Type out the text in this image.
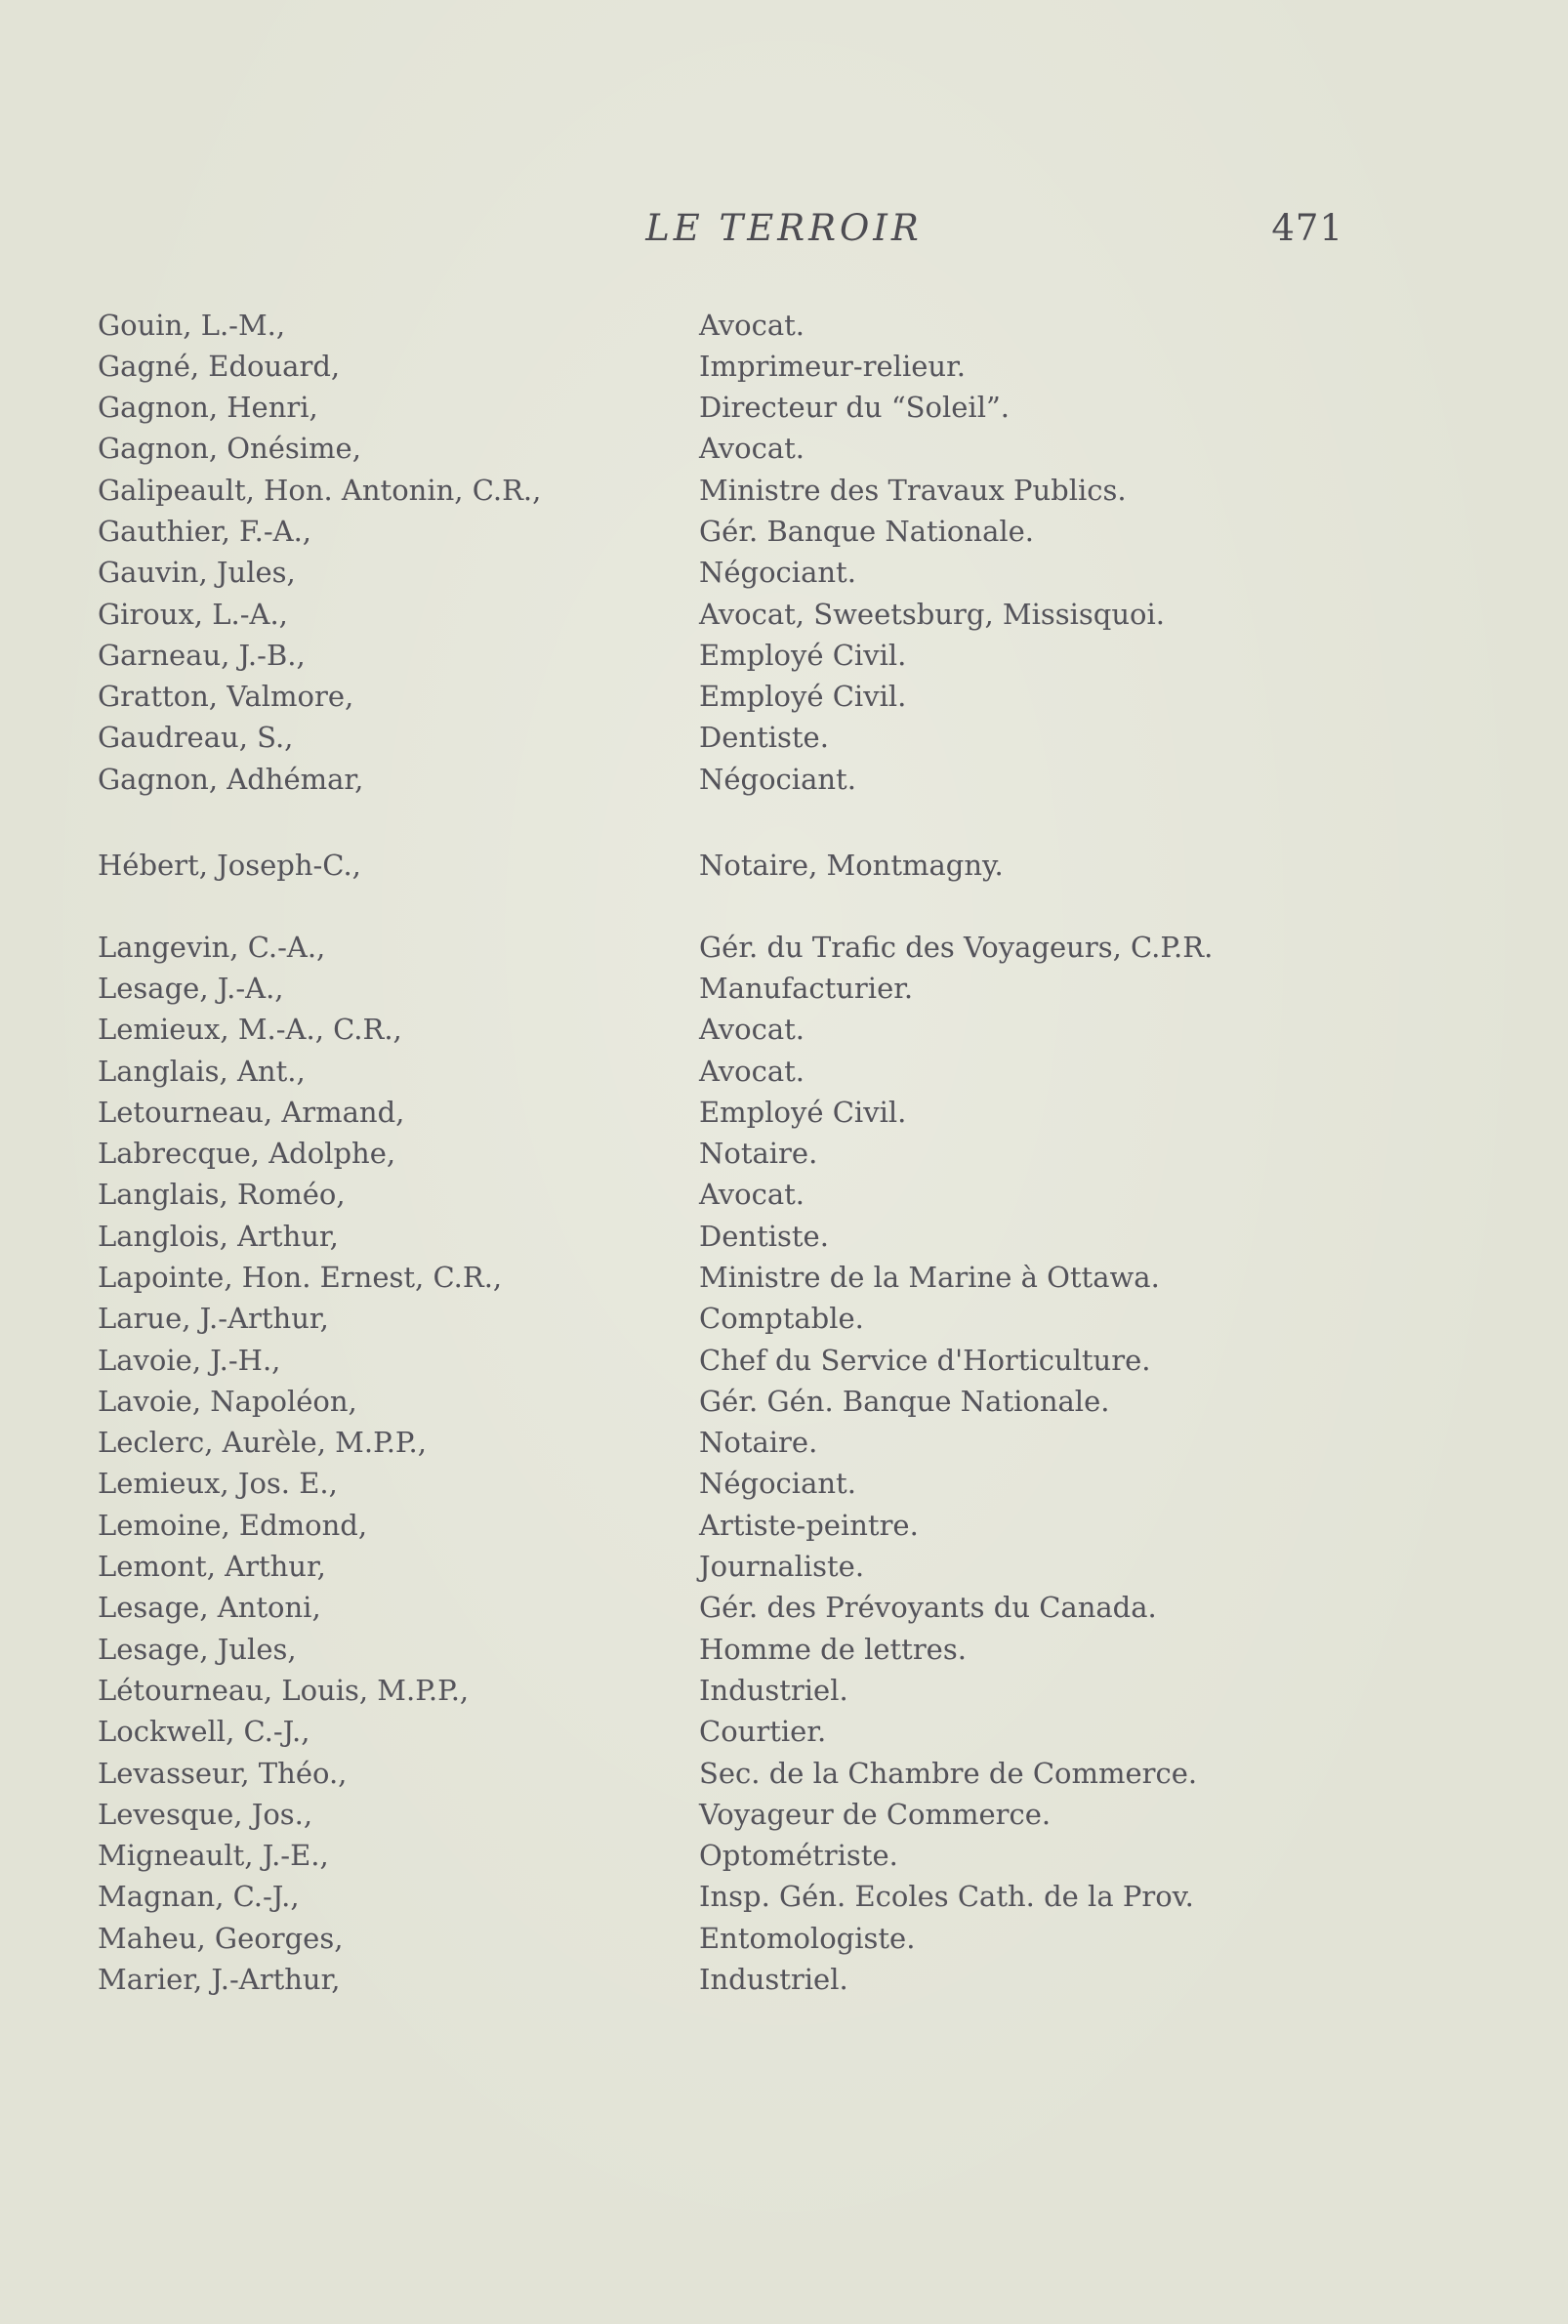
LE TERROIR	471
Gouin, L.-M.,	Avocat.
Gagné, Edouard,	Imprimeur-relieur.
Gagnon, Henri,	Directeur du “Soleil”.
Gagnon, Onésime,	Avocat.
Galipeault, Hon. Antonin, C.R.,	Ministre des Travaux Publics.
Gauthier, F.-A.,	Gér. Banque Nationale.
Gauvin, Jules,	Négociant.
Giroux, L.-A.,	Avocat, Sweetsburg, Missisquoi.
Garneau, J.-B.,	Employé Civil.
Gratton, Valmore,	Employé Civil.
Gaudreau, S.,	Dentiste.
Gagnon, Adhémar,	Négociant.
Hébert, Joseph-C.,	Notaire, Montmagny.
Langevin, C.-A.,	Gér. du Trafic des Voyageurs, C.P.R.
Lesage, J.-A.,	Manufacturier.
Lemieux, M.-A., C.R.,	Avocat.
Langlais, Ant.,	Avocat.
Letourneau, Armand,	Employé Civil.
Labrecque, Adolphe,	Notaire.
Langlais, Roméo,	Avocat.
Langlois, Arthur,	Dentiste.
Lapointe, Hon. Ernest, C.R.,	Ministre de la Marine à Ottawa.
Larue, J.-Arthur,	Comptable.
Lavoie, J.-H.,	Chef du Service d'Horticulture.
Lavoie, Napoléon,	Gér. Gén. Banque Nationale.
Leclerc, Aurèle, M.P.P.,	Notaire.
Lemieux, Jos. E.,	Négociant.
Lemoine, Edmond,	Artiste-peintre.
Lemont, Arthur,	Journaliste.
Lesage, Antoni,	Gér. des Prévoyants du Canada.
Lesage, Jules,	Homme de lettres.
Létourneau, Louis, M.P.P.,	Industriel.
Lockwell, C.-J.,	Courtier.
Levasseur, Théo.,	Sec. de la Chambre de Commerce.
Levesque, Jos.,	Voyageur de Commerce.
Migneault, J.-E.,	Optométriste.
Magnan, C.-J.,	Insp. Gén. Ecoles Cath. de la Prov.
Maheu, Georges,	Entomologiste.
Marier, J.-Arthur,	Industriel.
